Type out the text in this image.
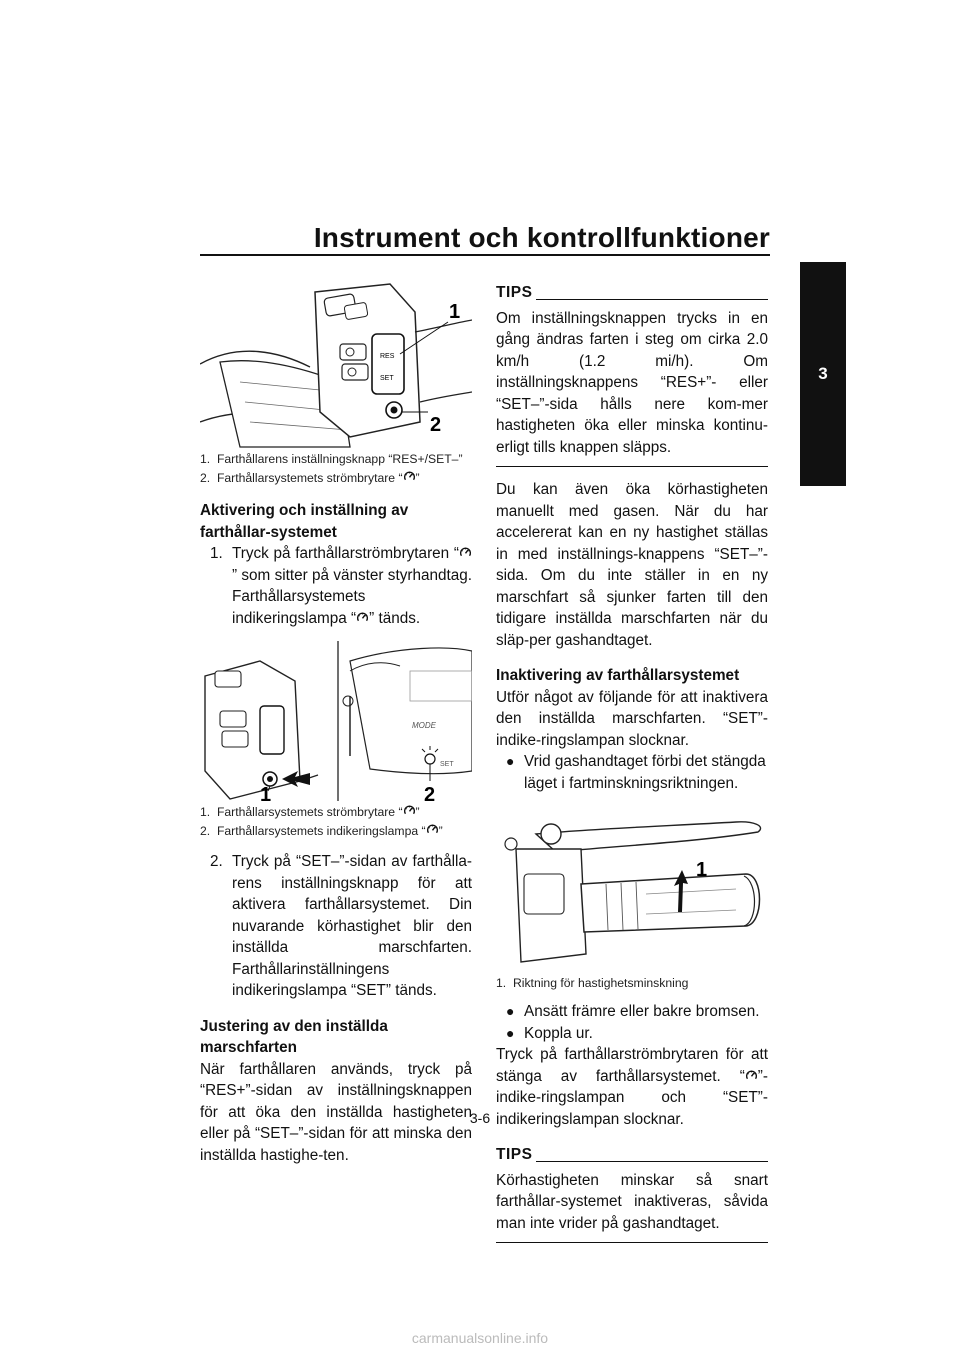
Instrument och kontrollfunktioner
3
RES
SET
1
2
1. Farthållarens inställningsknapp “RES+/SET–”
2. Farthållarsystemets strömbrytare “ ”
Aktivering och inställning av farthållar-systemet
1. Tryck på farthållarströmbrytaren “” som sitter på vänster styrhandtag. Farthållarsystemets indikeringslampa “ ” tänds.
MODE
SET
1	2
1. Farthållarsystemets strömbrytare “ ”
2. Farthållarsystemets indikeringslampa “ ”
2. Tryck på “SET–”-sidan av farthålla-rens inställningsknapp för att aktivera farthållarsystemet. Din nuvarande körhastighet blir den inställda marschfarten. Farthållarinställningens indikeringslampa “SET” tänds.
Justering av den inställda marschfarten
När farthållaren används, tryck på “RES+”-sidan av inställningsknappen för att öka den inställda hastigheten eller på “SET–”-sidan för att minska den inställda hastighe-ten.
TIPS
Om inställningsknappen trycks in en gång ändras farten i steg om cirka 2.0 km/h (1.2 mi/h). Om inställningsknappens “RES+”- eller “SET–”-sida hålls nere kom-mer hastigheten öka eller minska kontinu-erligt tills knappen släpps.
Du kan även öka körhastigheten manuellt med gasen. När du har accelererat kan en ny hastighet ställas in med inställnings-knappens “SET–”-sida. Om du inte ställer in en ny marschfart så sjunker farten till den tidigare inställda marschfarten när du släp-per gashandtaget.
Inaktivering av farthållarsystemet
Utför något av följande för att inaktivera den inställda marschfarten. “SET”-indike-ringslampan slocknar.
● Vrid gashandtaget förbi det stängda läget i fartminskningsriktningen.
1
1. Riktning för hastighetsminskning
● Ansätt främre eller bakre bromsen.
● Koppla ur.
Tryck på farthållarströmbrytaren för att stänga av farthållarsystemet. “ ”-indike-ringslampan och “SET”-indikeringslampan slocknar.
TIPS
Körhastigheten minskar så snart farthållar-systemet inaktiveras, såvida man inte vrider på gashandtaget.
3-6
carmanualsonline.info
